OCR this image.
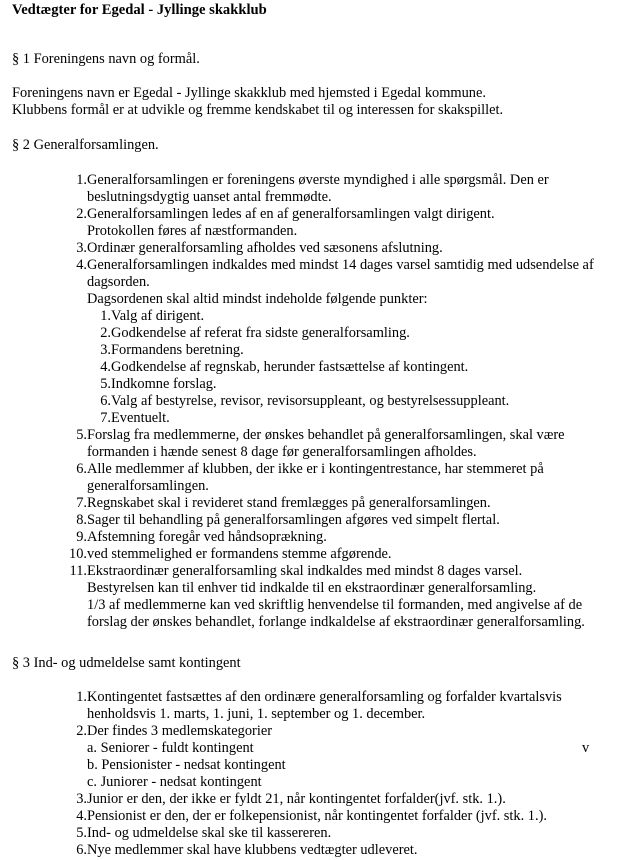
Vedtægter for Egedal - Jyllinge skakklub
§ 1 Foreningens navn og formål.
Foreningens navn er Egedal - Jyllinge skakklub med hjemsted i Egedal kommune.
Klubbens formål er at udvikle og fremme kendskabet til og interessen for skakspillet.
§ 2 Generalforsamlingen.
1. Generalforsamlingen er foreningens øverste myndighed i alle spørgsmål. Den er
beslutningsdygtig uanset antal fremmødte.
2. Generalforsamlingen ledes af en af generalforsamlingen valgt dirigent.
Protokollen føres af næstformanden.
3. Ordinær generalforsamling afholdes ved sæsonens afslutning.
4. Generalforsamlingen indkaldes med mindst 14 dages varsel samtidig med udsendelse af
dagsorden.
Dagsordenen skal altid mindst indeholde følgende punkter:
1. Valg af dirigent.
2. Godkendelse af referat fra sidste generalforsamling.
3. Formandens beretning.
4. Godkendelse af regnskab, herunder fastsættelse af kontingent.
5. Indkomne forslag.
6. Valg af bestyrelse, revisor, revisorsuppleant, og bestyrelsessuppleant.
7. Eventuelt.
5. Forslag fra medlemmerne, der ønskes behandlet på generalforsamlingen, skal være
formanden i hænde senest 8 dage før generalforsamlingen afholdes.
6. Alle medlemmer af klubben, der ikke er i kontingentrestance, har stemmeret på
generalforsamlingen.
7. Regnskabet skal i revideret stand fremlægges på generalforsamlingen.
8. Sager til behandling på generalforsamlingen afgøres ved simpelt flertal.
9. Afstemning foregår ved håndsoprækning.
10. ved stemmelighed er formandens stemme afgørende.
11. Ekstraordinær generalforsamling skal indkaldes med mindst 8 dages varsel.
Bestyrelsen kan til enhver tid indkalde til en ekstraordinær generalforsamling.
1/3 af medlemmerne kan ved skriftlig henvendelse til formanden, med angivelse af de
forslag der ønskes behandlet, forlange indkaldelse af ekstraordinær generalforsamling.
§ 3 Ind- og udmeldelse samt kontingent
1. Kontingentet fastsættes af den ordinære generalforsamling og forfalder kvartalsvis
henholdsvis 1. marts, 1. juni, 1. september og 1. december.
2. Der findes 3 medlemskategorier
a. Seniorer - fuldt kontingent
b. Pensionister - nedsat kontingent
c. Juniorer - nedsat kontingent
3. Junior er den, der ikke er fyldt 21, når kontingentet forfalder(jvf. stk. 1.).
4. Pensionist er den, der er folkepensionist, når kontingentet forfalder (jvf. stk. 1.).
5. Ind- og udmeldelse skal ske til kassereren.
6. Nye medlemmer skal have klubbens vedtægter udleveret.
v
